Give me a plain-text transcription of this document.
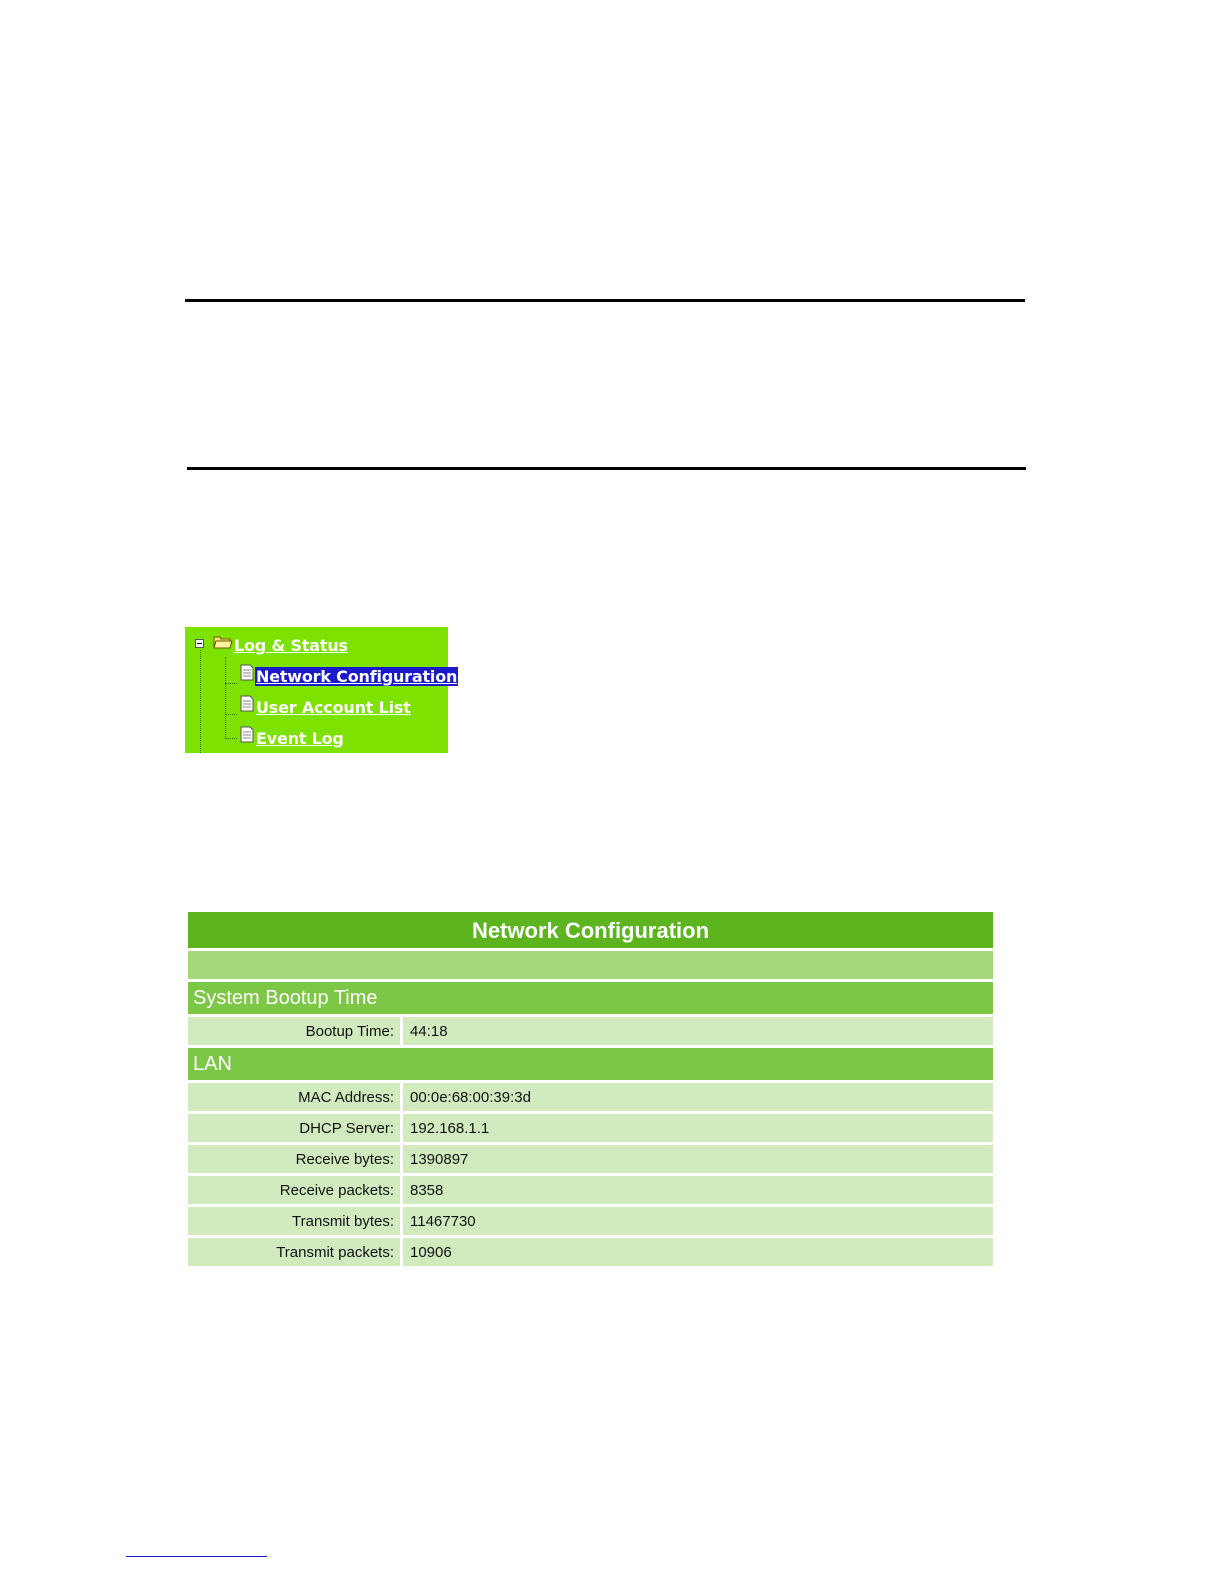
Log & Status
Network Configuration
User Account List
Event Log
Network Configuration
System Bootup Time
Bootup Time:	44:18
LAN
MAC Address:	00:0e:68:00:39:3d
DHCP Server:	192.168.1.1
Receive bytes:	1390897
Receive packets:	8358
Transmit bytes:	11467730
Transmit packets:	10906
